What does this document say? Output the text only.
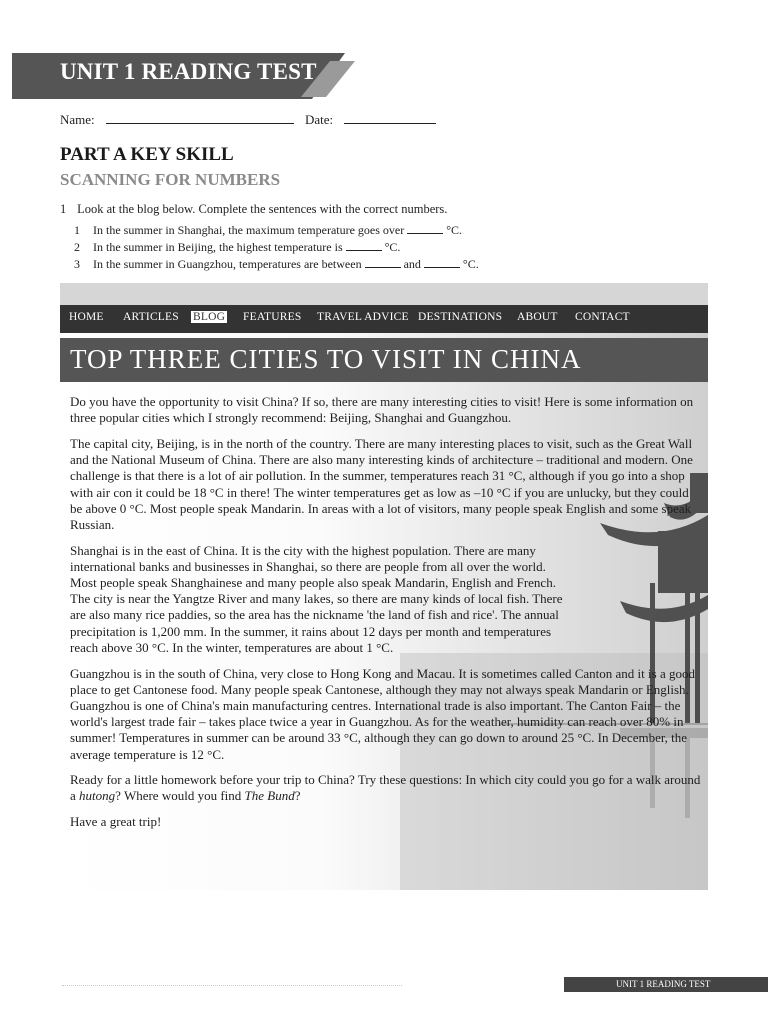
UNIT 1 READING TEST
Name:	Date:
PART A KEY SKILL
SCANNING FOR NUMBERS
1 Look at the blog below. Complete the sentences with the correct numbers.
1 In the summer in Shanghai, the maximum temperature goes over	°C.
2 In the summer in Beijing, the highest temperature is	°C.
3 In the summer in Guangzhou, temperatures are between	and	°C.
HOME ARTICLES BLOG FEATURES TRAVEL ADVICE DESTINATIONS ABOUT CONTACT
TOP THREE CITIES TO VISIT IN CHINA

Do you have the opportunity to visit China? If so, there are many interesting cities to visit! Here is some information on three popular cities which I strongly recommend: Beijing, Shanghai and Guangzhou.

The capital city, Beijing, is in the north of the country. There are many interesting places to visit, such as the Great Wall and the National Museum of China. There are also many interesting kinds of architecture – traditional and modern. One challenge is that there is a lot of air pollution. In the summer, temperatures reach 31 °C, although if you go into a shop with air con it could be 18 °C in there! The winter temperatures get as low as –10 °C if you are unlucky, but they could be above 0 °C. Most people speak Mandarin. In areas with a lot of visitors, many people speak English and some speak Russian.

Shanghai is in the east of China. It is the city with the highest population. There are many international banks and businesses in Shanghai, so there are people from all over the world. Most people speak Shanghainese and many people also speak Mandarin, English and French. The city is near the Yangtze River and many lakes, so there are many kinds of local fish. There are also many rice paddies, so the area has the nickname 'the land of fish and rice'. The annual precipitation is 1,200 mm. In the summer, it rains about 12 days per month and temperatures reach above 30 °C. In the winter, temperatures are about 1 °C.

Guangzhou is in the south of China, very close to Hong Kong and Macau. It is sometimes called Canton and it is a good place to get Cantonese food. Many people speak Cantonese, although they may not always speak Mandarin or English. Guangzhou is one of China's main manufacturing centres. International trade is also important. The Canton Fair – the world's largest trade fair – takes place twice a year in Guangzhou. As for the weather, humidity can reach over 80% in summer! Temperatures in summer can be around 33 °C, although they can go down to around 25 °C. In December, the average temperature is 12 °C.

Ready for a little homework before your trip to China? Try these questions: In which city could you go for a walk around a hutong? Where would you find The Bund?

Have a great trip!

UNIT 1 READING TEST
